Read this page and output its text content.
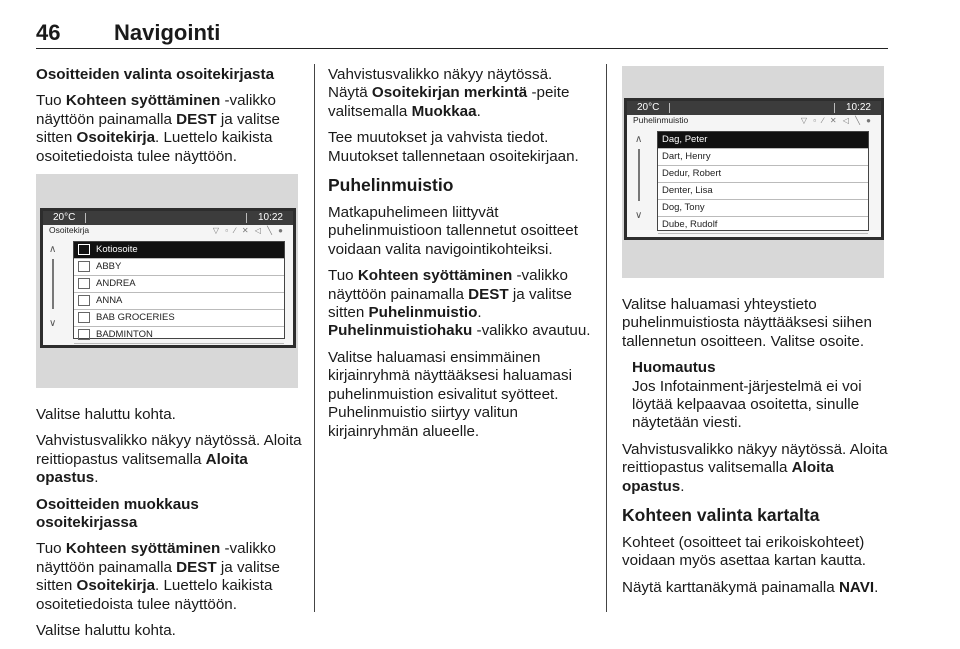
46 Navigointi

Osoitteiden valinta osoitekirjasta

Tuo Kohteen syöttäminen -valikko näyttöön painamalla DEST ja valitse sitten Osoitekirja. Luettelo kaikista osoitetiedoista tulee näyttöön.

20°C	10:22
Osoitekirja	▽ ▫ ∕ ✕ ◁ ╲ ●
∧
∨
Kotiosoite
ABBY
ANDREA
ANNA
BAB GROCERIES
BADMINTON

Valitse haluttu kohta.

Vahvistusvalikko näkyy näytössä. Aloita reittiopastus valitsemalla Aloita opastus.

Osoitteiden muokkaus osoitekirjassa

Tuo Kohteen syöttäminen -valikko näyttöön painamalla DEST ja valitse sitten Osoitekirja. Luettelo kaikista osoitetiedoista tulee näyttöön.

Valitse haluttu kohta.

Vahvistusvalikko näkyy näytössä. Näytä Osoitekirjan merkintä -peite valitsemalla Muokkaa.

Tee muutokset ja vahvista tiedot. Muutokset tallennetaan osoitekirjaan.

Puhelinmuistio

Matkapuhelimeen liittyvät puhelinmuistioon tallennetut osoitteet voidaan valita navigointikohteiksi.

Tuo Kohteen syöttäminen -valikko näyttöön painamalla DEST ja valitse sitten Puhelinmuistio. Puhelinmuistiohaku -valikko avautuu.

Valitse haluamasi ensimmäinen kirjainryhmä näyttääksesi haluamasi puhelinmuistion esivalitut syötteet. Puhelinmuistio siirtyy valitun kirjainryhmän alueelle.

20°C	10:22
Puhelinmuistio	▽ ▫ ∕ ✕ ◁ ╲ ●
∧
∨
Dag, Peter
Dart, Henry
Dedur, Robert
Denter, Lisa
Dog, Tony
Dube, Rudolf

Valitse haluamasi yhteystieto puhelinmuistiosta näyttääksesi siihen tallennetun osoitteen. Valitse osoite.

Huomautus
Jos Infotainment-järjestelmä ei voi löytää kelpaavaa osoitetta, sinulle näytetään viesti.

Vahvistusvalikko näkyy näytössä. Aloita reittiopastus valitsemalla Aloita opastus.

Kohteen valinta kartalta

Kohteet (osoitteet tai erikoiskohteet) voidaan myös asettaa kartan kautta.

Näytä karttanäkymä painamalla NAVI.
